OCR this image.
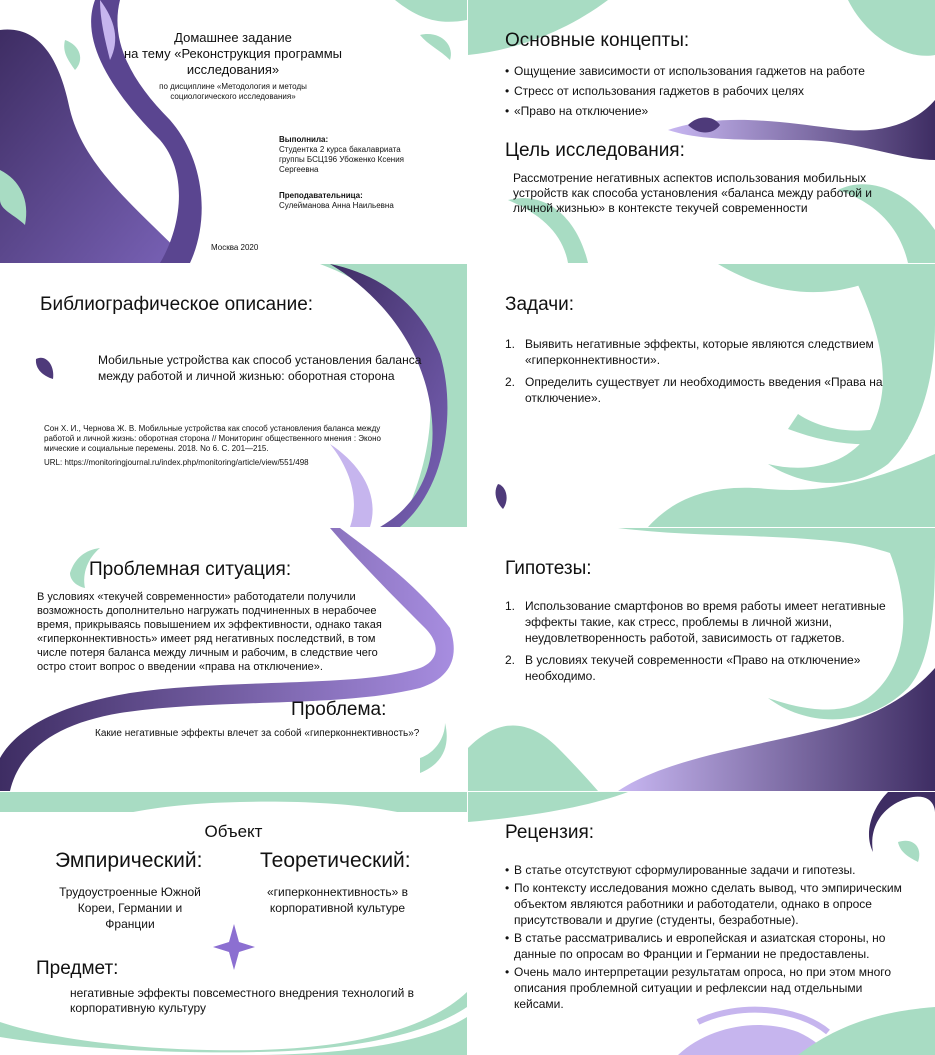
Домашнее задание
на тему «Реконструкция программы исследования»
по дисциплине «Методология и методы социологического исследования»
Выполнила:
Студентка 2 курса бакалавриата группы БСЦ196 Убоженко Ксения Сергеевна
Преподавательница:
Сулейманова Анна Наильевна
Москва 2020
Основные концепты:
• Ощущение зависимости от использования гаджетов на работе
• Стресс от использования гаджетов в рабочих целях
• «Право на отключение»
Цель исследования:
Рассмотрение негативных аспектов использования мобильных устройств как способа установления «баланса между работой и личной жизнью» в контексте текучей современности
Библиографическое описание:
Мобильные устройства как способ установления баланса между работой и личной жизнью: оборотная сторона
Сон Х. И., Чернова Ж. В. Мобильные устройства как способ установления баланса между работой и личной жизнь: оборотная сторона // Мониторинг общественного мнения : Эконо мические и социальные перемены. 2018. No 6. С. 201—215.
URL: https://monitoringjournal.ru/index.php/monitoring/article/view/551/498
Задачи:
1. Выявить негативные эффекты, которые являются следствием «гиперконнективности».
2. Определить существует ли необходимость введения «Права на отключение».
Проблемная ситуация:
В условиях «текучей современности» работодатели получили возможность дополнительно нагружать подчиненных в нерабочее время, прикрываясь повышением их эффективности, однако такая «гиперконнективность» имеет ряд негативных последствий, в том числе потеря баланса между личным и рабочим, в следствие чего остро стоит вопрос о введении «права на отключение».
Проблема:
Какие негативные эффекты влечет за собой «гиперконнективность»?
Гипотезы:
1. Использование смартфонов во время работы имеет негативные эффекты такие, как стресс, проблемы в личной жизни, неудовлетворенность работой, зависимость от гаджетов.
2. В условиях текучей современности «Право на отключение» необходимо.
Объект
Эмпирический:
Трудоустроенные Южной Кореи, Германии и Франции
Теоретический:
«гиперконнективность» в корпоративной культуре
Предмет:
негативные эффекты повсеместного внедрения технологий в корпоративную культуру
Рецензия:
• В статье отсутствуют сформулированные задачи и гипотезы.
• По контексту исследования можно сделать вывод, что эмпирическим объектом являются работники и работодатели, однако в опросе присутствовали и другие (студенты, безработные).
• В статье рассматривались и европейская и азиатская стороны, но данные по опросам во Франции и Германии не предоставлены.
• Очень мало интерпретации результатам опроса, но при этом много описания проблемной ситуации и рефлексии над отдельными кейсами.
